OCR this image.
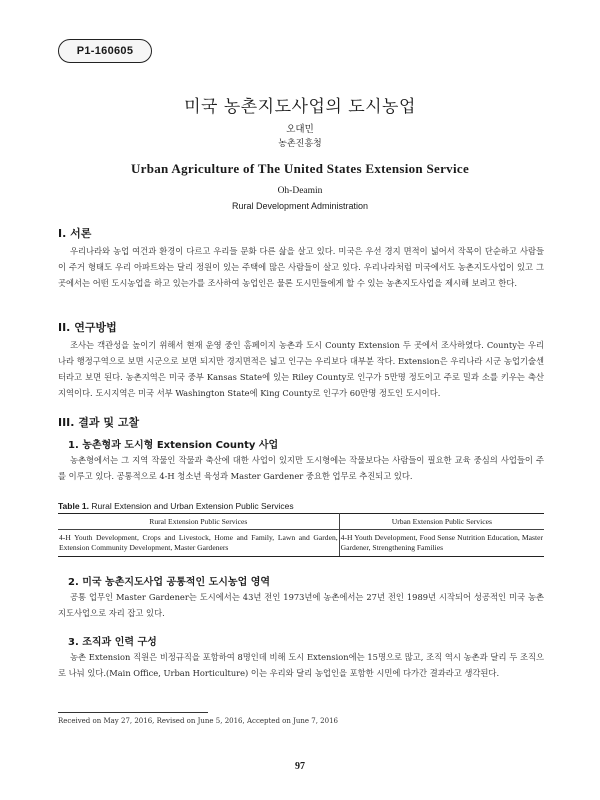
P1-160605
미국 농촌지도사업의 도시농업
오대민
농촌진흥청
Urban Agriculture of The United States Extension Service
Oh-Deamin
Rural Development Administration
I. 서론
우리나라와 농업 여건과 환경이 다르고 우리들 문화 다른 삶을 살고 있다. 미국은 우선 경지 면적이 넓어서 작목이 단순하고 사람들이 주거 형태도 우리 아파트와는 달리 정원이 있는 주택에 많은 사람들이 살고 있다. 우리나라처럼 미국에서도 농촌지도사업이 있고 그 곳에서는 어떤 도시농업을 하고 있는가를 조사하여 농업인은 물론 도시민들에게 할 수 있는 농촌지도사업을 제시해 보려고 한다.
II. 연구방법
조사는 객관성을 높이기 위해서 현재 운영 중인 홈페이지 농촌과 도시 County Extension 두 곳에서 조사하였다. County는 우리나라 행정구역으로 보면 시군으로 보면 되지만 경지면적은 넓고 인구는 우리보다 대부분 작다. Extension은 우리나라 시군 농업기술센터라고 보면 된다. 농촌지역은 미국 중부 Kansas State에 있는 Riley County로 인구가 5만명 정도이고 주로 밀과 소를 키우는 축산지역이다. 도시지역은 미국 서부 Washington State에 King County로 인구가 60만명 정도인 도시이다.
III. 결과 및 고찰
1. 농촌형과 도시형 Extension County 사업
농촌형에서는 그 지역 작물인 작물과 축산에 대한 사업이 있지만 도시형에는 작물보다는 사람들이 필요한 교육 중심의 사업들이 주를 이루고 있다. 공통적으로 4-H 청소년 육성과 Master Gardener 중요한 업무로 추진되고 있다.
Table 1. Rural Extension and Urban Extension Public Services
Rural Extension Public Services	Urban Extension Public Services
4-H Youth Development, Crops and Livestock, Home and Family, Lawn and Garden, Extension Community Development, Master Gardeners	4-H Youth Development, Food Sense Nutrition Education, Master Gardener, Strengthening Families
2. 미국 농촌지도사업 공통적인 도시농업 영역
공통 업무인 Master Gardener는 도시에서는 43년 전인 1973년에 농촌에서는 27년 전인 1989년 시작되어 성공적인 미국 농촌지도사업으로 자리 잡고 있다.
3. 조직과 인력 구성
농촌 Extension 직원은 비정규직을 포함하여 8명인데 비해 도시 Extension에는 15명으로 많고, 조직 역시 농촌과 달리 두 조직으로 나눠 있다.(Main Office, Urban Horticulture) 이는 우리와 달리 농업인을 포함한 시민에 다가간 결과라고 생각된다.
Received on May 27, 2016, Revised on June 5, 2016, Accepted on June 7, 2016
97
